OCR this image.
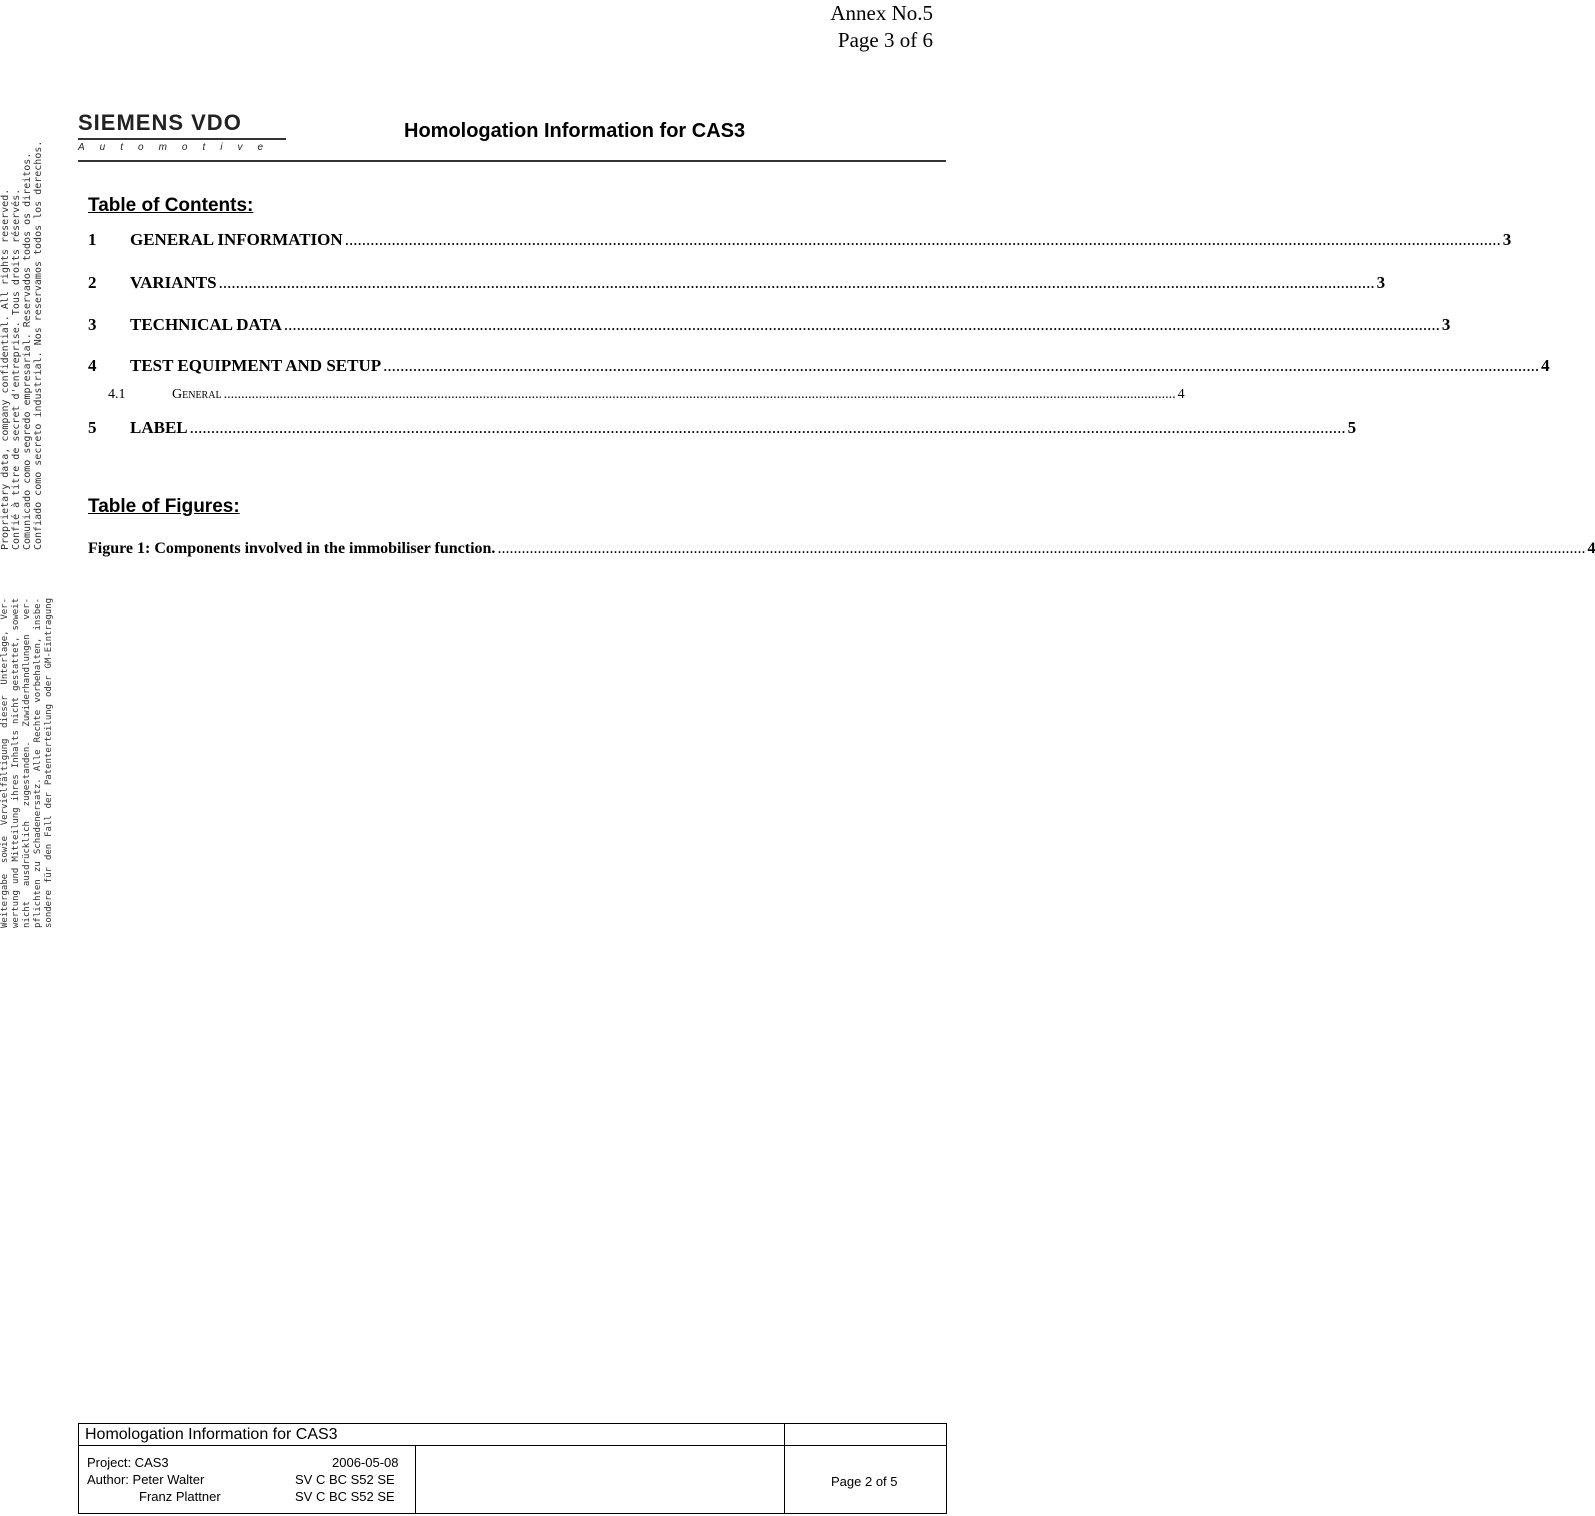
Annex No.5
Page 3 of 6
SIEMENS VDO
Automotive
Homologation Information for CAS3
Proprietary data, company confidential. All rights reserved. Confié à titre de secret d'entreprise. Tous droits réservés. Comunicado como segredo empresarial. Reservados todos os direitos. Confiado como secreto industrial. Nos reservamos todos los derechos.
Weitergabe sowie Vervielfältigung dieser Unterlage, Ver- wertung und Mitteilung ihres Inhalts nicht gestattet, soweit nicht ausdrücklich zugestanden. Zuwiderhandlungen ver- pflichten zu Schadenersatz. Alle Rechte vorbehalten, insbe- sondere für den Fall der Patenterteilung oder GM-Eintragung
Table of Contents:
1	GENERAL INFORMATION .....	3
2	VARIANTS .....	3
3	TECHNICAL DATA .....	3
4	TEST EQUIPMENT AND SETUP .....	4
4.1	General .....	4
5	LABEL .....	5
Table of Figures:
Figure 1: Components involved in the immobiliser function. .....	4
Homologation Information for CAS3
Project: CAS3	2006-05-08
Author: Peter Walter	SV C BC S52 SE
Franz Plattner	SV C BC S52 SE
Page 2 of 5
